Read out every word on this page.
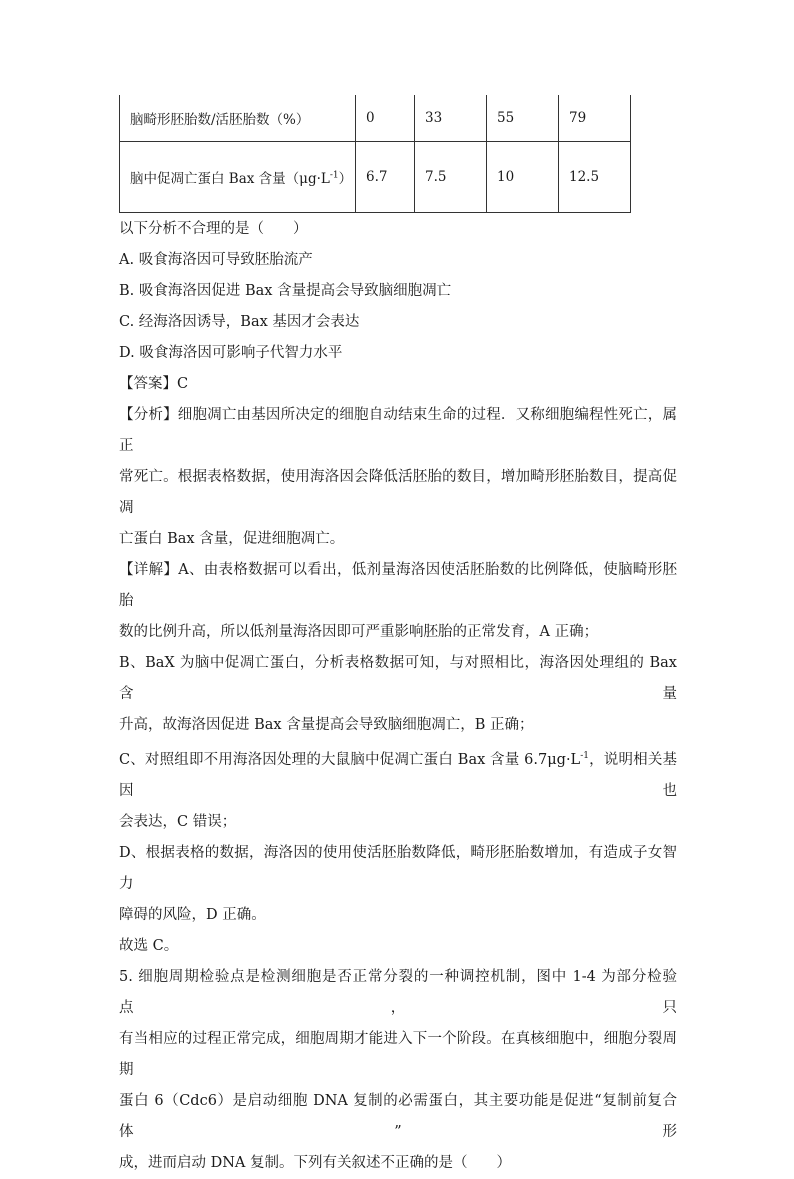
脑畸形胚胎数/活胚胎数（%）	0	33	55	79
脑中促凋亡蛋白 Bax 含量$(\mu g\cdot L^{-1})$	6.7	7.5	10	12.5
以下分析不合理的是（　　）
A. 吸食海洛因可导致胚胎流产
B. 吸食海洛因促进 Bax 含量提高会导致脑细胞凋亡
C. 经海洛因诱导，Bax 基因才会表达
D. 吸食海洛因可影响子代智力水平
【答案】C
【分析】细胞凋亡由基因所决定的细胞自动结束生命的过程．又称细胞编程性死亡，属正
常死亡。根据表格数据，使用海洛因会降低活胚胎的数目，增加畸形胚胎数目，提高促凋
亡蛋白 Bax 含量，促进细胞凋亡。
【详解】A、由表格数据可以看出，低剂量海洛因使活胚胎数的比例降低，使脑畸形胚胎
数的比例升高，所以低剂量海洛因即可严重影响胚胎的正常发育，A 正确；
B、BaX 为脑中促凋亡蛋白，分析表格数据可知，与对照相比，海洛因处理组的 Bax 含量
升高，故海洛因促进 Bax 含量提高会导致脑细胞凋亡，B 正确；
C、对照组即不用海洛因处理的大鼠脑中促凋亡蛋白 Bax 含量 $6.7\mu g\cdot L^{-1}$，说明相关基因也
会表达，C 错误；
D、根据表格的数据，海洛因的使用使活胚胎数降低，畸形胚胎数增加，有造成子女智力
障碍的风险，D 正确。
故选 C。
5. 细胞周期检验点是检测细胞是否正常分裂的一种调控机制，图中 1-4 为部分检验点，只
有当相应的过程正常完成，细胞周期才能进入下一个阶段。在真核细胞中，细胞分裂周期
蛋白 6（Cdc6）是启动细胞 DNA 复制的必需蛋白，其主要功能是促进“复制前复合体”形
成，进而启动 DNA 复制。下列有关叙述不正确的是（　　）
